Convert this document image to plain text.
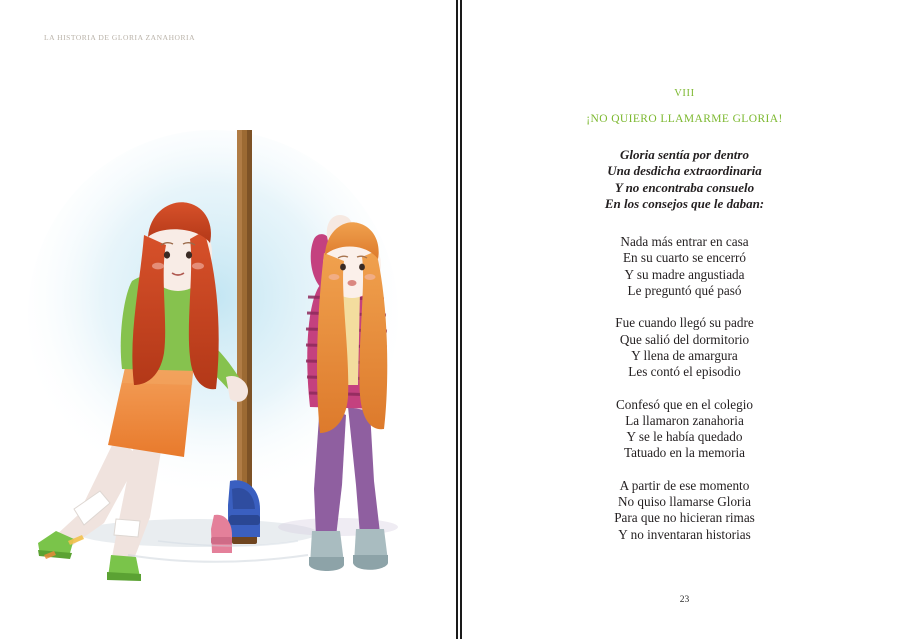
LA HISTORIA DE GLORIA ZANAHORIA
VIII
¡NO QUIERO LLAMARME GLORIA!
Gloria sentía por dentro
Una desdicha extraordinaria
Y no encontraba consuelo
En los consejos que le daban:
Nada más entrar en casa
En su cuarto se encerró
Y su madre angustiada
Le preguntó qué pasó
Fue cuando llegó su padre
Que salió del dormitorio
Y llena de amargura
Les contó el episodio
Confesó que en el colegio
La llamaron zanahoria
Y se le había quedado
Tatuado en la memoria
A partir de ese momento
No quiso llamarse Gloria
Para que no hicieran rimas
Y no inventaran historias
23
